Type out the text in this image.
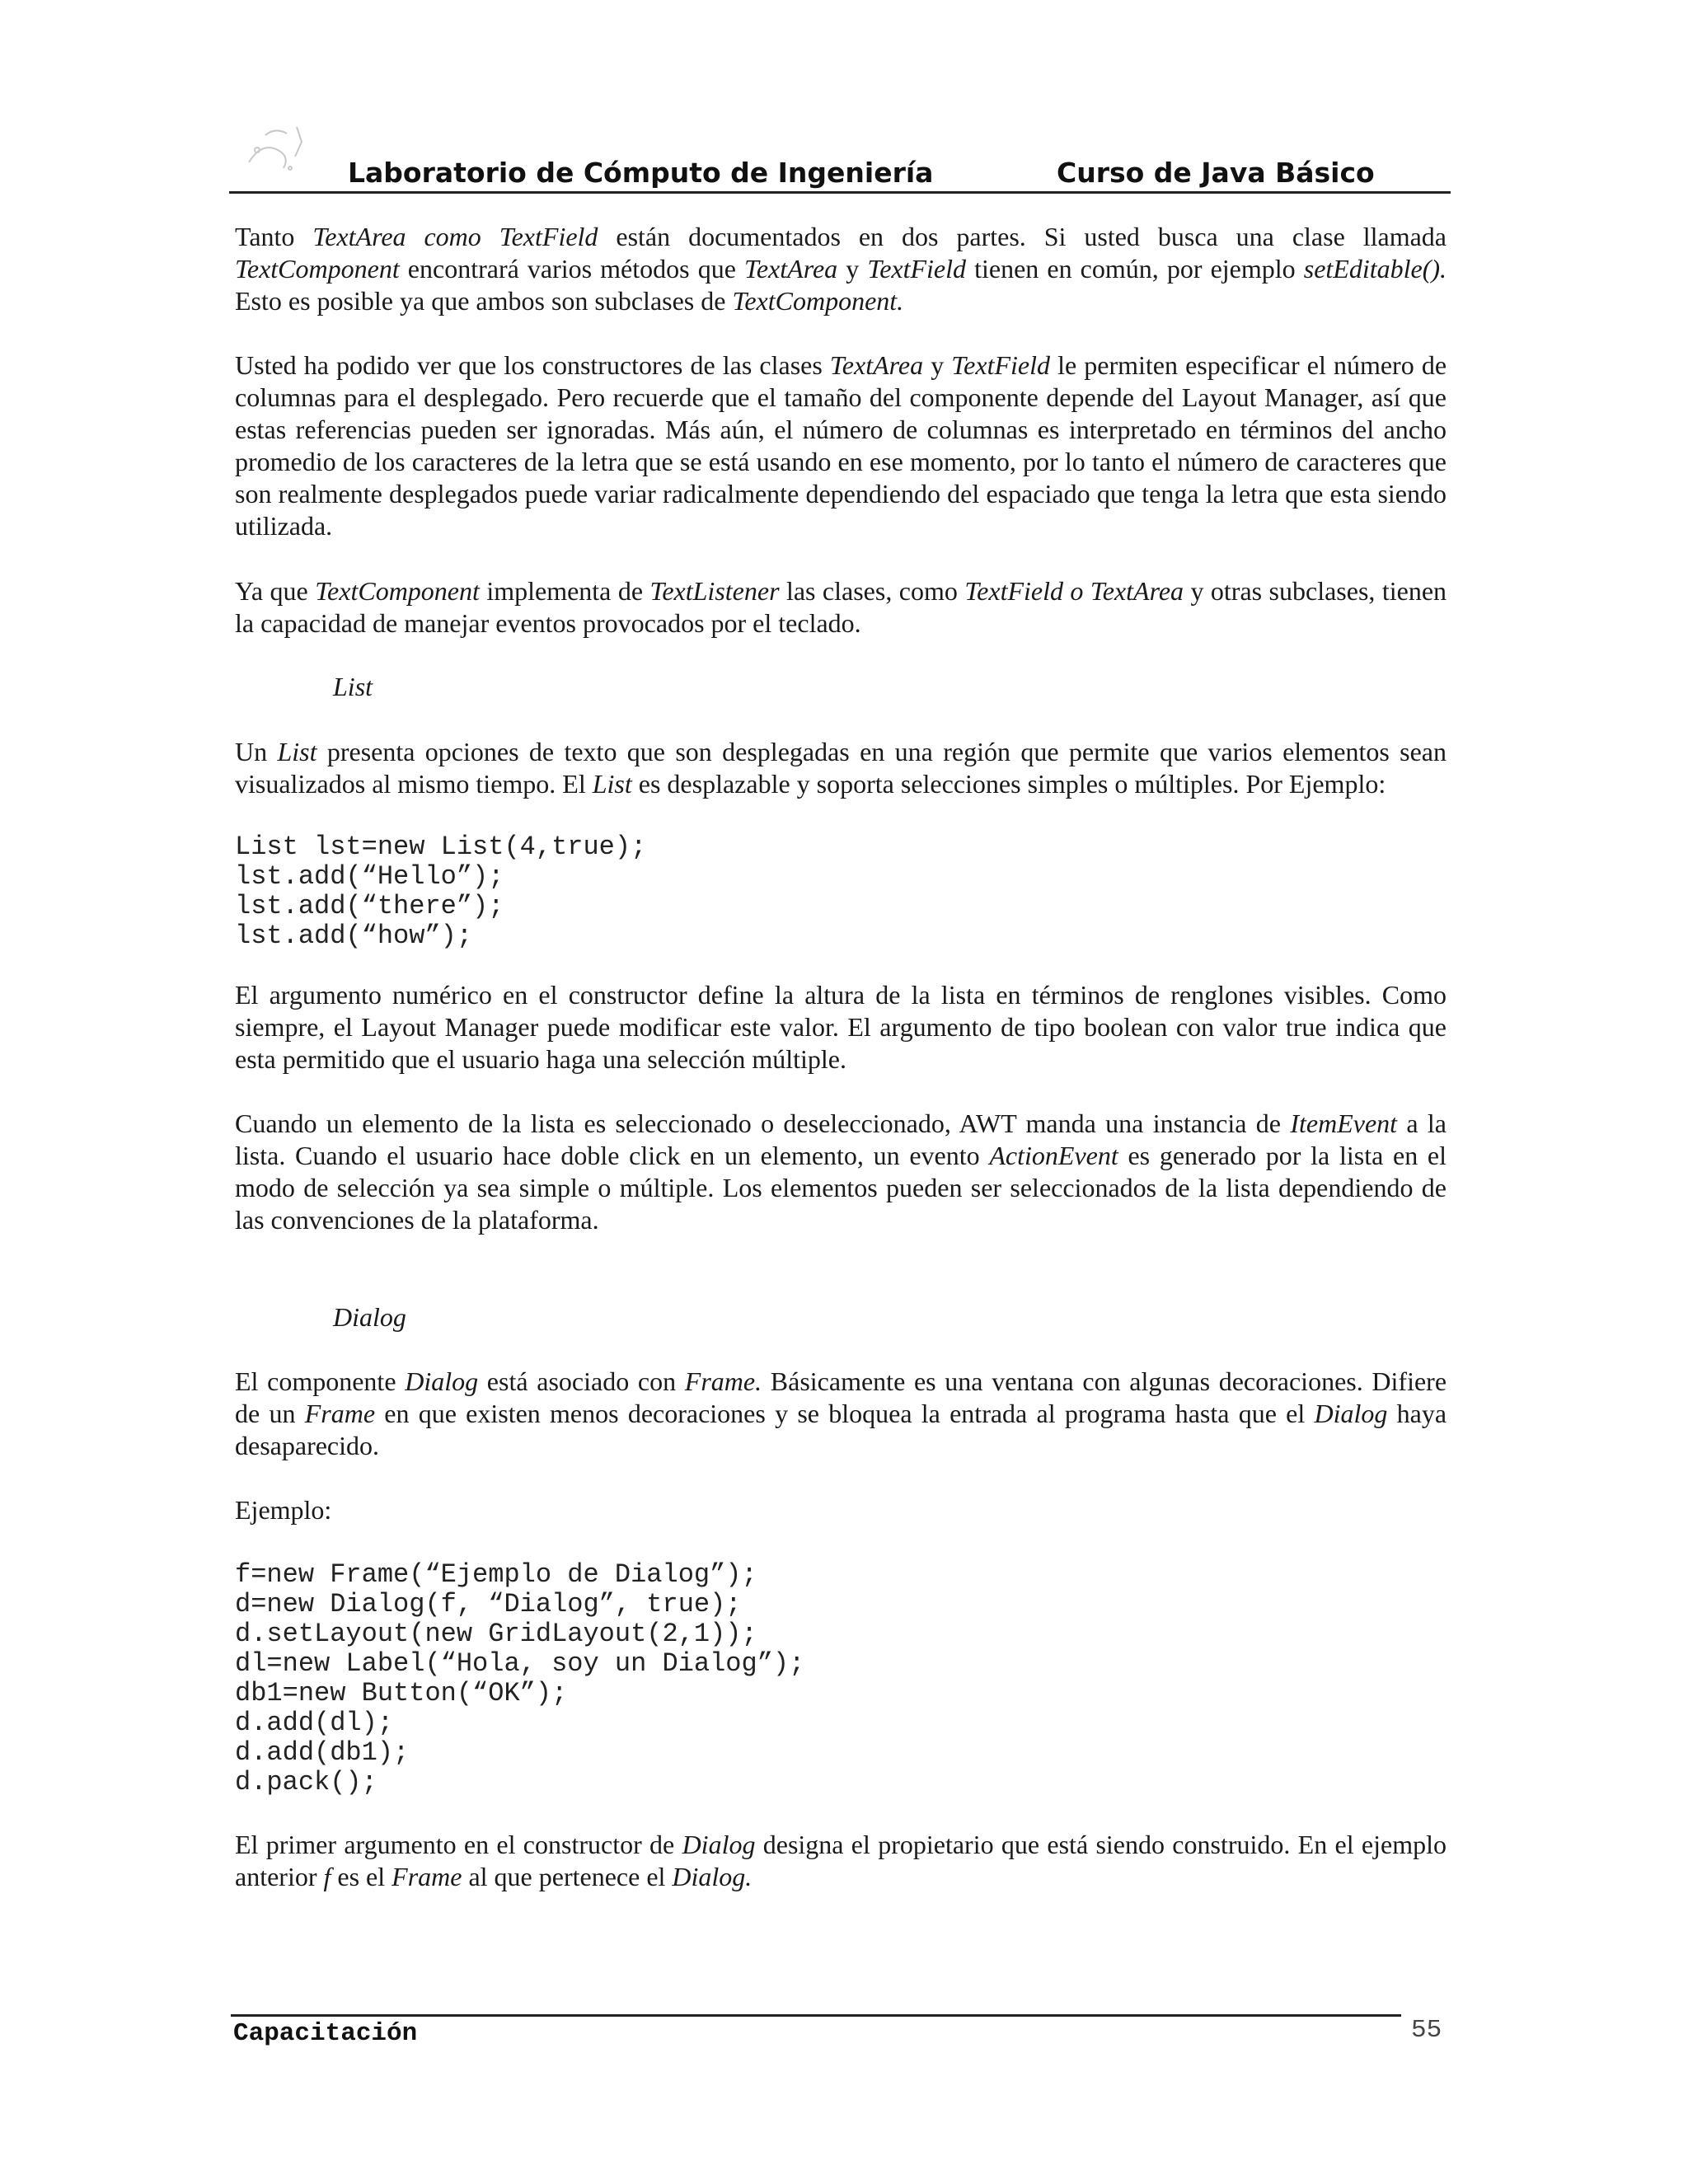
Laboratorio de Cómputo de Ingeniería	Curso de Java Básico
Tanto TextArea como TextField están documentados en dos partes. Si usted busca una clase llamada TextComponent encontrará varios métodos que TextArea y TextField tienen en común, por ejemplo setEditable(). Esto es posible ya que ambos son subclases de TextComponent.
Usted ha podido ver que los constructores de las clases TextArea y TextField le permiten especificar el número de columnas para el desplegado. Pero recuerde que el tamaño del componente depende del Layout Manager, así que estas referencias pueden ser ignoradas. Más aún, el número de columnas es interpretado en términos del ancho promedio de los caracteres de la letra que se está usando en ese momento, por lo tanto el número de caracteres que son realmente desplegados puede variar radicalmente dependiendo del espaciado que tenga la letra que esta siendo utilizada.
Ya que TextComponent implementa de TextListener las clases, como TextField o TextArea y otras subclases, tienen la capacidad de manejar eventos provocados por el teclado.
List
Un List presenta opciones de texto que son desplegadas en una región que permite que varios elementos sean visualizados al mismo tiempo. El List es desplazable y soporta selecciones simples o múltiples. Por Ejemplo:
List lst=new List(4,true);
lst.add(“Hello”);
lst.add(“there”);
lst.add(“how”);
El argumento numérico en el constructor define la altura de la lista en términos de renglones visibles. Como siempre, el Layout Manager puede modificar este valor. El argumento de tipo boolean con valor true indica que esta permitido que el usuario haga una selección múltiple.
Cuando un elemento de la lista es seleccionado o deseleccionado, AWT manda una instancia de ItemEvent a la lista. Cuando el usuario hace doble click en un elemento, un evento ActionEvent es generado por la lista en el modo de selección ya sea simple o múltiple. Los elementos pueden ser seleccionados de la lista dependiendo de las convenciones de la plataforma.
Dialog
El componente Dialog está asociado con Frame. Básicamente es una ventana con algunas decoraciones. Difiere de un Frame en que existen menos decoraciones y se bloquea la entrada al programa hasta que el Dialog haya desaparecido.
Ejemplo:
f=new Frame(“Ejemplo de Dialog”);
d=new Dialog(f, “Dialog”, true);
d.setLayout(new GridLayout(2,1));
dl=new Label(“Hola, soy un Dialog”);
db1=new Button(“OK”);
d.add(dl);
d.add(db1);
d.pack();
El primer argumento en el constructor de Dialog designa el propietario que está siendo construido. En el ejemplo anterior f es el Frame al que pertenece el Dialog.
Capacitación	55
